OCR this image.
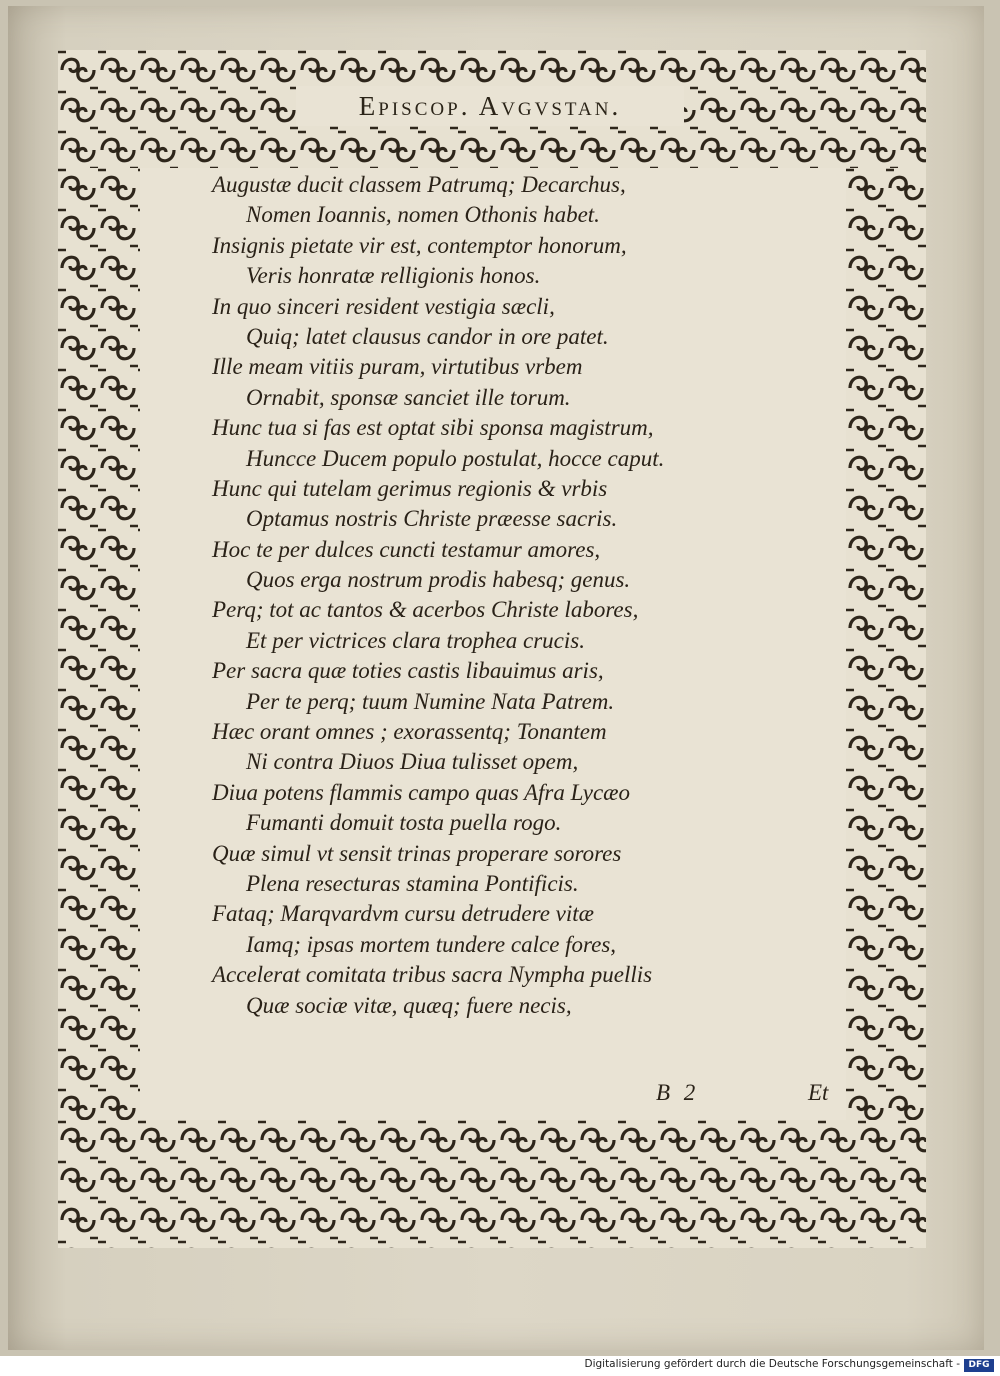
Episcop. Avgvstan.
Augustæ ducit classem Patrumq; Decarchus,
Nomen Ioannis, nomen Othonis habet.
Insignis pietate vir est, contemptor honorum,
Veris honratæ relligionis honos.
In quo sinceri resident vestigia sæcli,
Quiq; latet clausus candor in ore patet.
Ille meam vitiis puram, virtutibus vrbem
Ornabit, sponsæ sanciet ille torum.
Hunc tua si fas est optat sibi sponsa magistrum,
Huncce Ducem populo postulat, hocce caput.
Hunc qui tutelam gerimus regionis & vrbis
Optamus nostris Christe præesse sacris.
Hoc te per dulces cuncti testamur amores,
Quos erga nostrum prodis habesq; genus.
Perq; tot ac tantos & acerbos Christe labores,
Et per victrices clara trophea crucis.
Per sacra quæ toties castis libauimus aris,
Per te perq; tuum Numine Nata Patrem.
Hæc orant omnes ; exorassentq; Tonantem
Ni contra Diuos Diua tulisset opem,
Diua potens flammis campo quas Afra Lycæo
Fumanti domuit tosta puella rogo.
Quæ simul vt sensit trinas properare sorores
Plena resecturas stamina Pontificis.
Fataq; Marqvardvm cursu detrudere vitæ
Iamq; ipsas mortem tundere calce fores,
Accelerat comitata tribus sacra Nympha puellis
Quæ sociæ vitæ, quæq; fuere necis,
B 2	Et
Digitalisierung gefördert durch die Deutsche Forschungsgemeinschaft - DFG
